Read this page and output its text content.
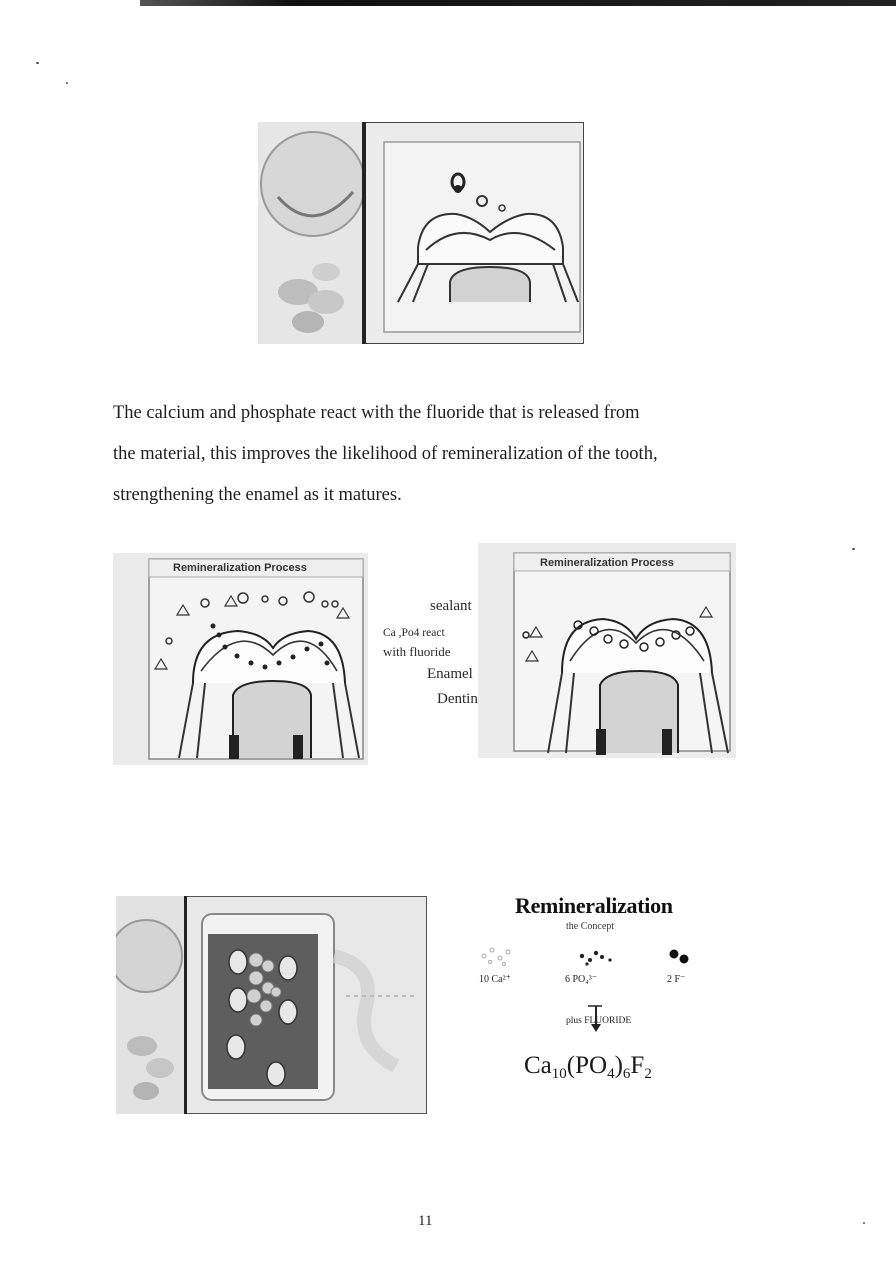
The calcium and phosphate react with the fluoride that is released from
the material, this improves the likelihood of remineralization of the tooth,
strengthening the enamel as it matures.

Remineralization Process	Remineralization Process
sealant
Ca ,Po4 react
with fluoride
Enamel
Dentin
Remineralization
the Concept
10 Ca²⁺	6 PO₄³⁻	2 F⁻
plus FLUORIDE
$Ca_{10}(PO_4)_6F_2$
11
